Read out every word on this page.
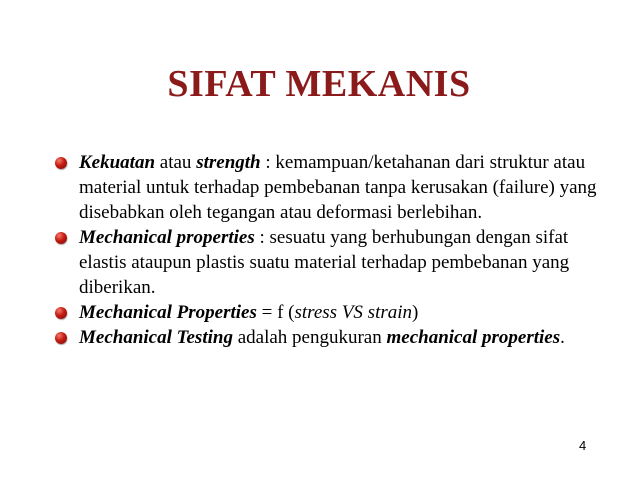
SIFAT MEKANIS
Kekuatan atau strength : kemampuan/ketahanan dari struktur atau material untuk terhadap pembebanan tanpa kerusakan (failure) yang disebabkan oleh tegangan atau deformasi berlebihan.
Mechanical properties : sesuatu yang berhubungan dengan sifat elastis ataupun plastis suatu material terhadap pembebanan yang diberikan.
Mechanical Properties = f (stress VS strain)
Mechanical Testing adalah pengukuran mechanical properties.
4
